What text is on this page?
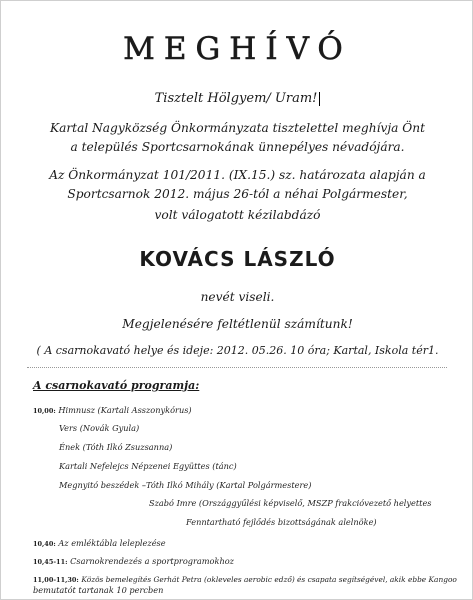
MEGHÍVÓ
Tisztelt Hölgyem/ Uram!
Kartal Nagyközség Önkormányzata tisztelettel meghívja Önt
a település Sportcsarnokának ünnepélyes névadójára.
Az Önkormányzat 101/2011. (IX.15.) sz. határozata alapján a
Sportcsarnok 2012. május 26-tól a néhai Polgármester,
volt válogatott kézilabdázó
KOVÁCS LÁSZLÓ
nevét viseli.
Megjelenésére feltétlenül számítunk!
( A csarnokavató helye és ideje: 2012. 05.26. 10 óra; Kartal, Iskola tér1.
A csarnokavató programja:
10,00: Himnusz (Kartali Asszonykórus)
Vers (Novák Gyula)
Ének (Tóth Ilkó Zsuzsanna)
Kartali Nefelejcs Népzenei Együttes (tánc)
Megnyitó beszédek –Tóth Ilkó Mihály (Kartal Polgármestere)
Szabó Imre (Országgyűlési képviselő, MSZP frakcióvezető helyettes
Fenntartható fejlődés bizottságának alelnöke)
10,40: Az emléktábla leleplezése
10,45-11: Csarnokrendezés a sportprogramokhoz
11,00-11,30: Közös bemelegítés Gerhát Petra (okleveles aerobic edző) és csapata segítségével, akik ebbe Kangoo
bemutatót tartanak 10 percben
